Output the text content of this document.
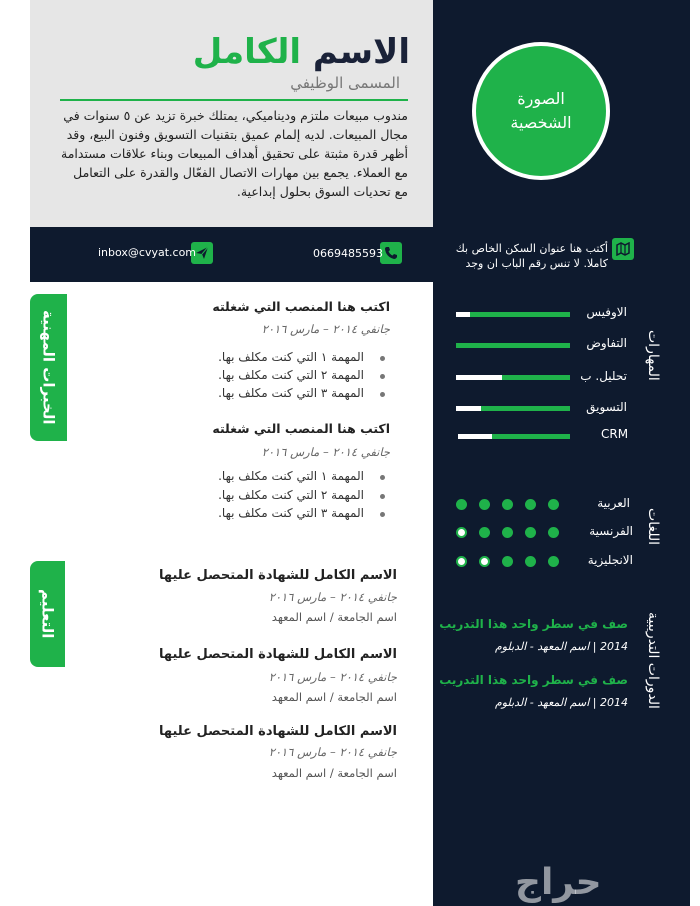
الصورة
الشخصية
الاسم الكامل
المسمى الوظيفي
مندوب مبيعات ملتزم وديناميكي، يمتلك خبرة تزيد عن ٥ سنوات في مجال المبيعات. لديه إلمام عميق بتقنيات التسويق وفنون البيع، وقد أظهر قدرة مثبتة على تحقيق أهداف المبيعات وبناء علاقات مستدامة مع العملاء. يجمع بين مهارات الاتصال الفعّال والقدرة على التعامل مع تحديات السوق بحلول إبداعية.
inbox@cvyat.com	0669485593	أكتب هنا عنوان السكن الخاص بك
كاملا. لا تنس رقم الباب ان وجد
الخبرات المهنية
التعليم
اكتب هنا المنصب التي شغلته
جانفي ٢٠١٤ – مارس ٢٠١٦
المهمة ١ التي كنت مكلف بها.
المهمة ٢ التي كنت مكلف بها.
المهمة ٣ التي كنت مكلف بها.
اكتب هنا المنصب التي شغلته
جانفي ٢٠١٤ – مارس ٢٠١٦
المهمة ١ التي كنت مكلف بها.
المهمة ٢ التي كنت مكلف بها.
المهمة ٣ التي كنت مكلف بها.
الاسم الكامل للشهادة المتحصل عليها
جانفي ٢٠١٤ – مارس ٢٠١٦
اسم الجامعة / اسم المعهد
الاسم الكامل للشهادة المتحصل عليها
جانفي ٢٠١٤ – مارس ٢٠١٦
اسم الجامعة / اسم المعهد
الاسم الكامل للشهادة المتحصل عليها
جانفي ٢٠١٤ – مارس ٢٠١٦
اسم الجامعة / اسم المعهد
المهارات
الاوفيس
التفاوض
تحليل. ب
التسويق
CRM
اللغات
العربية
الفرنسية
الانجليزية
الدورات التدريبية
صف في سطر واحد هذا التدريب
2014 | اسم المعهد - الدبلوم
صف في سطر واحد هذا التدريب
2014 | اسم المعهد - الدبلوم
حراج
